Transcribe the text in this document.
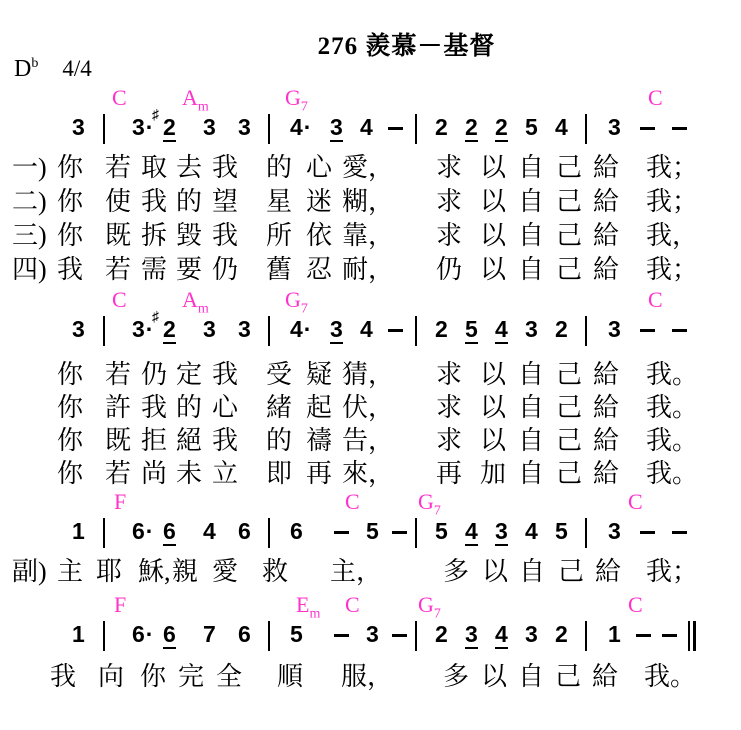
276 羨慕－基督
$D^b$ 4/4
C	$A_m$	$G_7$	C
3 3·
♯ 2 3 3 4· 3 4	2 2 2 5 4 3
一) 你 若 取 去 我 的 心 愛， 求 以 自 己 給 我；
二) 你 使 我 的 望 星 迷 糊， 求 以 自 己 給 我；
三) 你 既 拆 毀 我 所 依 靠， 求 以 自 己 給 我，
四) 我 若 需 要 仍 舊 忍 耐， 仍 以 自 己 給 我；
C	$A_m$	$G_7$	C
3 3·
♯ 2 3 3 4· 3 4	2 5 4 3 2 3
你 若 仍 定 我 受 疑 猜， 求 以 自 己 給 我。
你 許 我 的 心 緒 起 伏， 求 以 自 己 給 我。
你 既 拒 絕 我 的 禱 告， 求 以 自 己 給 我。
你 若 尚 未 立 即 再 來， 再 加 自 己 給 我。
F	C	$G_7$	C
1 6· 6 4 6 6	5 5 4 3 4 5 3
副) 主 耶 穌, 親 愛 救 主， 多 以 自 己 給 我；
F	$E_m$ C	$G_7$	C
1 6· 6 7 6 5	3 2 3 4 3 2 1
我 向 你 完 全 順 服， 多 以 自 己 給 我。
